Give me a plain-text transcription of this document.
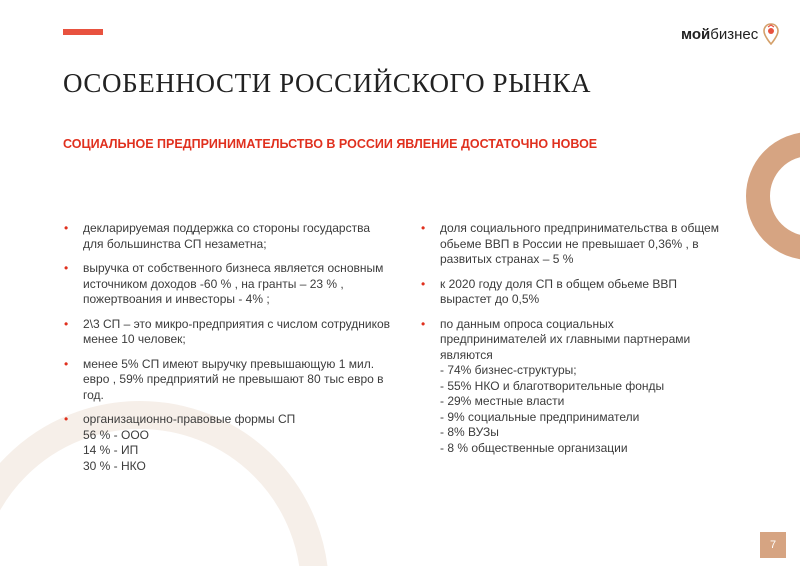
мой бизнес
ОСОБЕННОСТИ РОССИЙСКОГО РЫНКА
СОЦИАЛЬНОЕ ПРЕДПРИНИМАТЕЛЬСТВО В РОССИИ ЯВЛЕНИЕ ДОСТАТОЧНО НОВОЕ
• декларируемая поддержка со стороны государства для большинства СП незаметна;
• выручка от собственного бизнеса является основным источником доходов -60 % , на гранты – 23 % , пожертвоания и инвесторы - 4% ;
• 2\3 СП – это микро-предприятия с числом сотрудников менее 10 человек;
• менее 5% СП имеют выручку превышающую 1 мил. евро , 59% предприятий не превышают 80 тыс евро в год.
• организационно-правовые формы СП
56 % - ООО
14 % - ИП
30 % - НКО
• доля социального предпринимательства в общем обьеме ВВП в России не превышает 0,36% , в развитых странах – 5 %
• к 2020 году доля СП в общем обьеме ВВП вырастет до 0,5%
• по данным опроса социальных предпринимателей их главными партнерами являются
- 74% бизнес-структуры;
- 55% НКО и благотворительные фонды
- 29% местные власти
- 9% социальные предприниматели
- 8% ВУЗы
- 8 % общественные организации
7
